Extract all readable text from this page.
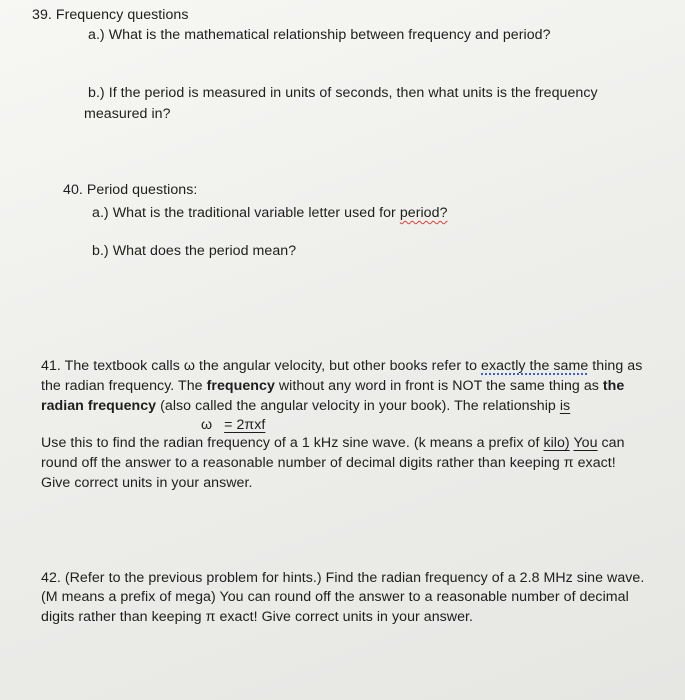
39. Frequency questions
a.) What is the mathematical relationship between frequency and period?
b.) If the period is measured in units of seconds, then what units is the frequency
measured in?
40. Period questions:
a.) What is the traditional variable letter used for period?
b.) What does the period mean?
41. The textbook calls ω the angular velocity, but other books refer to exactly the same thing as
the radian frequency. The frequency without any word in front is NOT the same thing as the
radian frequency (also called the angular velocity in your book). The relationship is
ω = 2πxf
Use this to find the radian frequency of a 1 kHz sine wave. (k means a prefix of kilo) You can
round off the answer to a reasonable number of decimal digits rather than keeping π exact!
Give correct units in your answer.
42. (Refer to the previous problem for hints.) Find the radian frequency of a 2.8 MHz sine wave.
(M means a prefix of mega) You can round off the answer to a reasonable number of decimal
digits rather than keeping π exact! Give correct units in your answer.
